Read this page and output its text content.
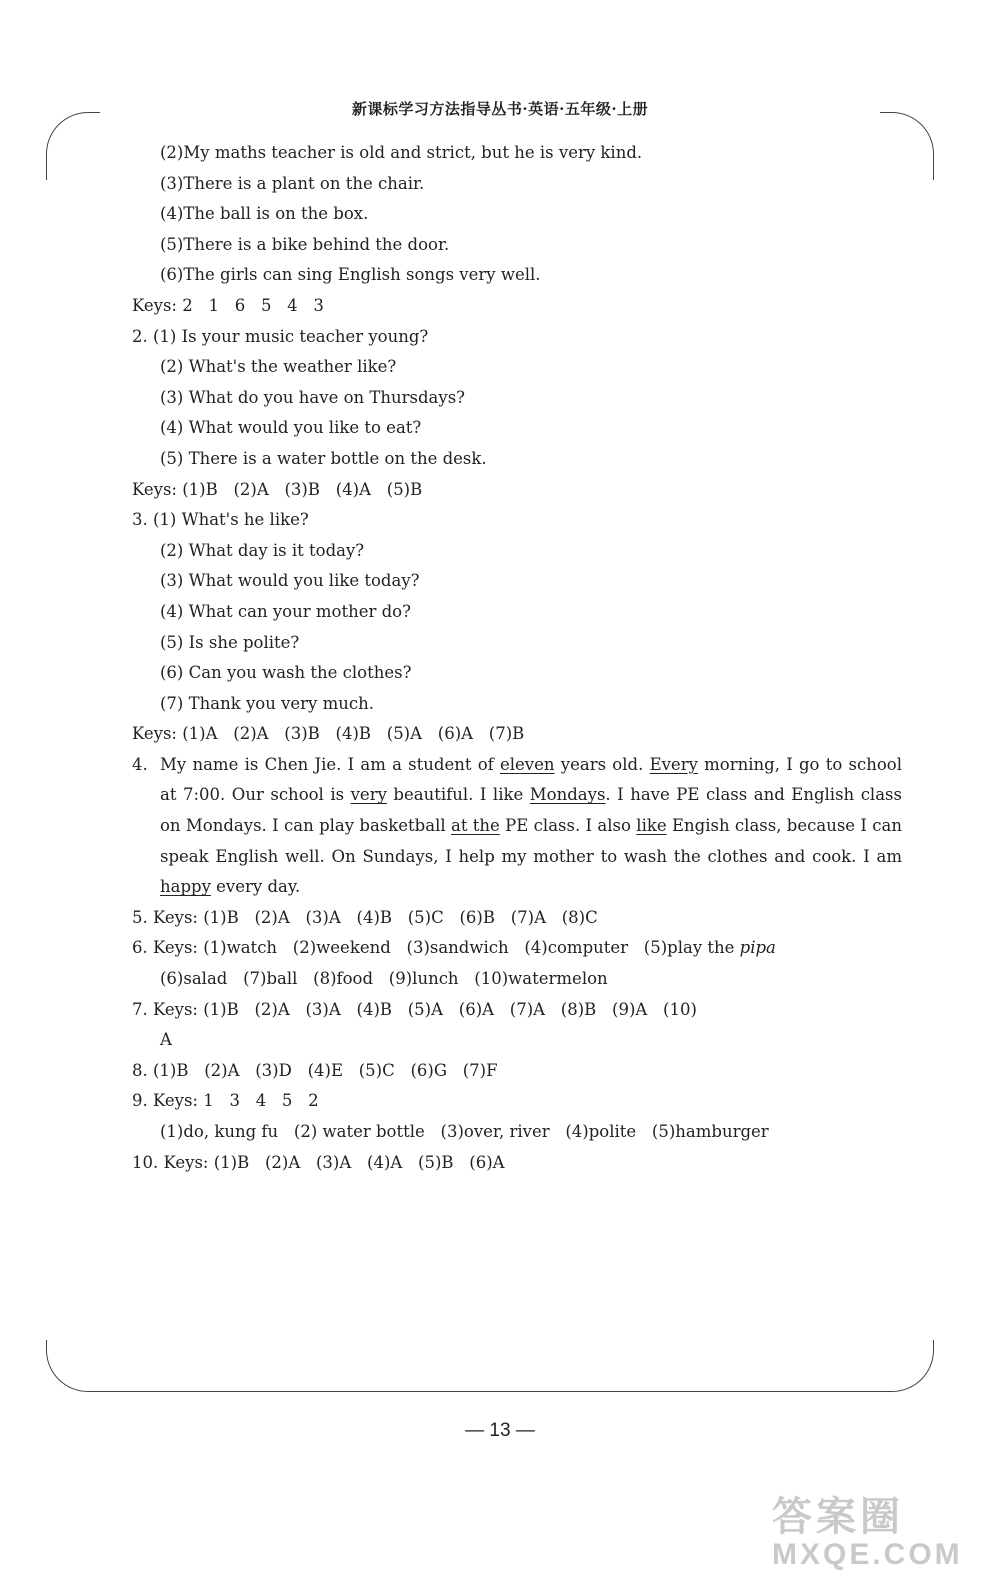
新课标学习方法指导丛书·英语·五年级·上册
(2)My maths teacher is old and strict, but he is very kind.
(3)There is a plant on the chair.
(4)The ball is on the box.
(5)There is a bike behind the door.
(6)The girls can sing English songs very well.
Keys: 2   1   6   5   4   3
2. (1) Is your music teacher young?
(2) What's the weather like?
(3) What do you have on Thursdays?
(4) What would you like to eat?
(5) There is a water bottle on the desk.
Keys: (1)B   (2)A   (3)B   (4)A   (5)B
3. (1) What's he like?
(2) What day is it today?
(3) What would you like today?
(4) What can your mother do?
(5) Is she polite?
(6) Can you wash the clothes?
(7) Thank you very much.
Keys: (1)A   (2)A   (3)B   (4)B   (5)A   (6)A   (7)B
4. My name is Chen Jie. I am a student of eleven years old. Every morning, I go to school at 7:00. Our school is very beautiful. I like Mondays. I have PE class and English class on Mondays. I can play basketball at the PE class. I also like Engish class, because I can speak English well. On Sundays, I help my mother to wash the clothes and cook. I am happy every day.
5. Keys: (1)B   (2)A   (3)A   (4)B   (5)C   (6)B   (7)A   (8)C
6. Keys: (1)watch   (2)weekend   (3)sandwich   (4)computer   (5)play the pipa
(6)salad   (7)ball   (8)food   (9)lunch   (10)watermelon
7. Keys: (1)B   (2)A   (3)A   (4)B   (5)A   (6)A   (7)A   (8)B   (9)A   (10)
A
8. (1)B   (2)A   (3)D   (4)E   (5)C   (6)G   (7)F
9. Keys: 1   3   4   5   2
(1)do, kung fu   (2) water bottle   (3)over, river   (4)polite   (5)hamburger
10. Keys: (1)B   (2)A   (3)A   (4)A   (5)B   (6)A
— 13 —
答案圈
MXQE.COM
